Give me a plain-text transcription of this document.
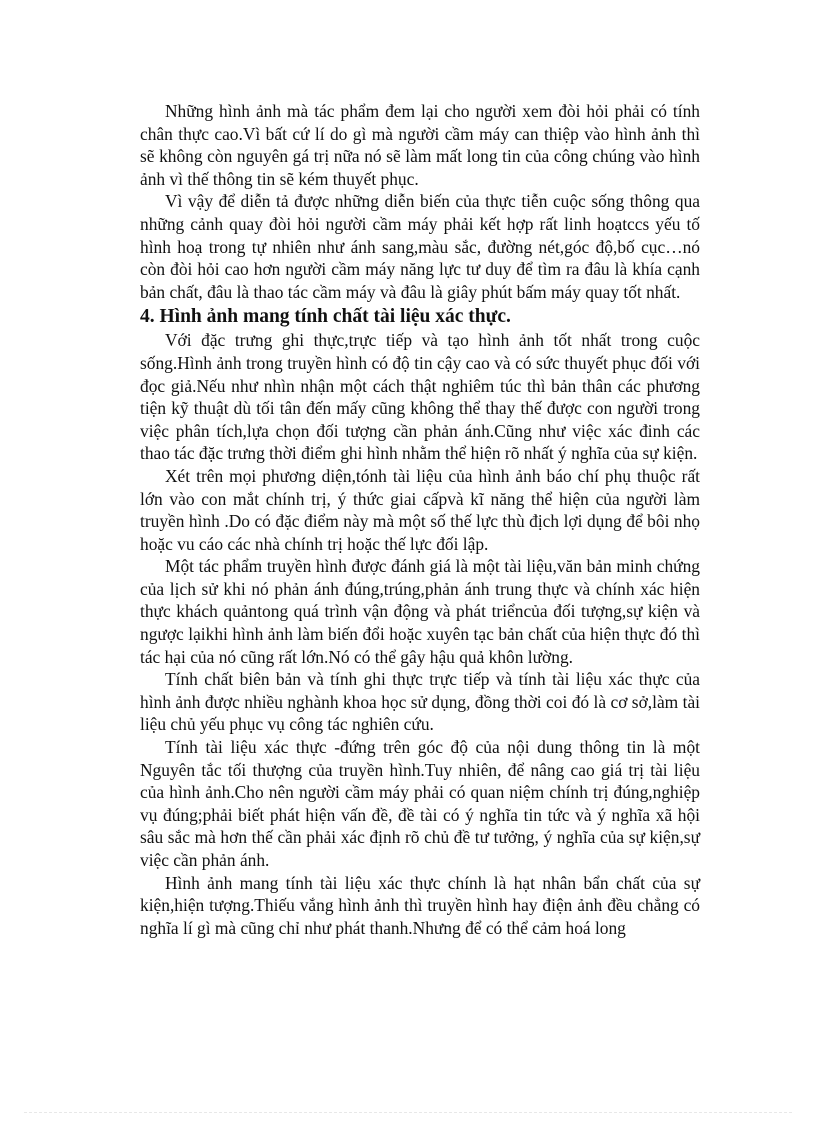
Những hình ảnh mà tác phẩm đem lại cho người xem đòi hỏi phải có tính chân thực cao.Vì bất cứ lí do gì mà người cầm máy can thiệp vào hình ảnh thì sẽ không còn nguyên gá trị nữa nó sẽ làm mất long tin của công chúng vào hình ảnh vì thế thông tin sẽ kém thuyết phục.

Vì vậy để diễn tả được những diễn biến của thực tiễn cuộc sống thông qua những cảnh quay đòi hỏi người cầm máy phải kết hợp rất linh hoạtccs yếu tố hình hoạ trong tự nhiên như ánh sang,màu sắc, đường nét,góc độ,bố cục…nó còn đòi hỏi cao hơn người cầm máy năng lực tư duy để tìm ra đâu là khía cạnh bản chất, đâu là thao tác cầm máy và đâu là giây phút bấm máy quay tốt nhất.

4. Hình ảnh mang tính chất tài liệu xác thực.

Với đặc trưng ghi thực,trực tiếp và tạo hình ảnh tốt nhất trong cuộc sống.Hình ảnh trong truyền hình có độ tin cậy cao và có sức thuyết phục đối với đọc giả.Nếu như nhìn nhận một cách thật nghiêm túc thì bản thân các phương tiện kỹ thuật dù tối tân đến mấy cũng không thể thay thế được con người trong việc phân tích,lựa chọn đối tượng cần phản ánh.Cũng như việc xác đinh các thao tác đặc trưng thời điểm ghi hình nhằm thể hiện rõ nhất ý nghĩa của sự kiện.

Xét trên mọi phương diện,tónh tài liệu của hình ảnh báo chí phụ thuộc rất lớn vào con mắt chính trị, ý thức giai cấpvà kĩ năng thể hiện của người làm truyền hình .Do có đặc điểm này mà một số thế lực thù địch lợi dụng để bôi nhọ hoặc vu cáo các nhà chính trị hoặc thế lực đối lập.

Một tác phẩm truyền hình được đánh giá là một tài liệu,văn bản minh chứng của lịch sử khi nó phản ánh đúng,trúng,phản ánh trung thực và chính xác hiện thực khách quảntong quá trình vận động và phát triểncủa đối tượng,sự kiện và ngược lạikhi hình ảnh làm biến đổi hoặc xuyên tạc bản chất của hiện thực đó thì tác hại của nó cũng rất lớn.Nó có thể gây hậu quả khôn lường.

Tính chất biên bản và tính ghi thực trực tiếp và tính tài liệu xác thực của hình ảnh được nhiều nghành khoa học sử dụng, đồng thời coi đó là cơ sở,làm tài liệu chủ yếu phục vụ công tác nghiên cứu.

Tính tài liệu xác thực -đứng trên góc độ của nội dung thông tin là một Nguyên tắc tối thượng của truyền hình.Tuy nhiên, để nâng cao giá trị tài liệu của hình ảnh.Cho nên người cầm máy phải có quan niệm chính trị đúng,nghiệp vụ đúng;phải biết phát hiện vấn đề, đề tài có ý nghĩa tin tức và ý nghĩa xã hội sâu sắc mà hơn thế cần phải xác định rõ chủ đề tư tưởng, ý nghĩa của sự kiện,sự việc cần phản ánh.

Hình ảnh mang tính tài liệu xác thực chính là hạt nhân bẩn chất của sự kiện,hiện tượng.Thiếu vắng hình ảnh thì truyền hình hay điện ảnh đều chẳng có nghĩa lí gì mà cũng chỉ như phát thanh.Nhưng để có thể cảm hoá long
